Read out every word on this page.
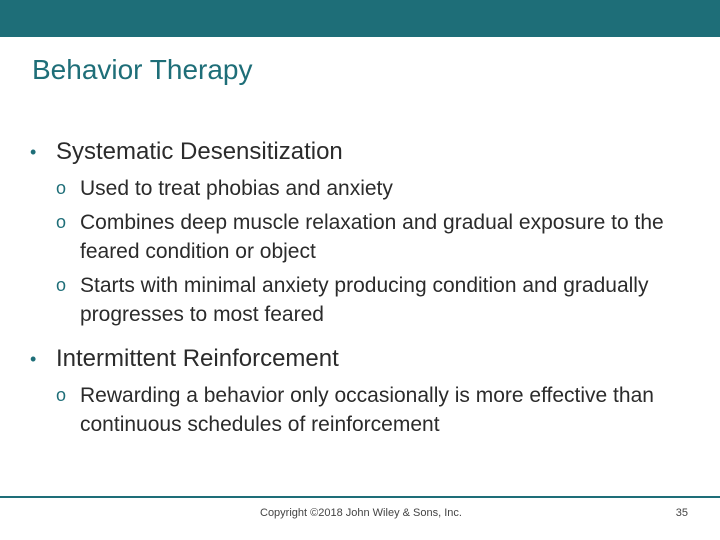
Behavior Therapy
• Systematic Desensitization
o Used to treat phobias and anxiety
o Combines deep muscle relaxation and gradual exposure to the feared condition or object
o Starts with minimal anxiety producing condition and gradually progresses to most feared
• Intermittent Reinforcement
o Rewarding a behavior only occasionally is more effective than continuous schedules of reinforcement
Copyright ©2018 John Wiley & Sons, Inc.	35
